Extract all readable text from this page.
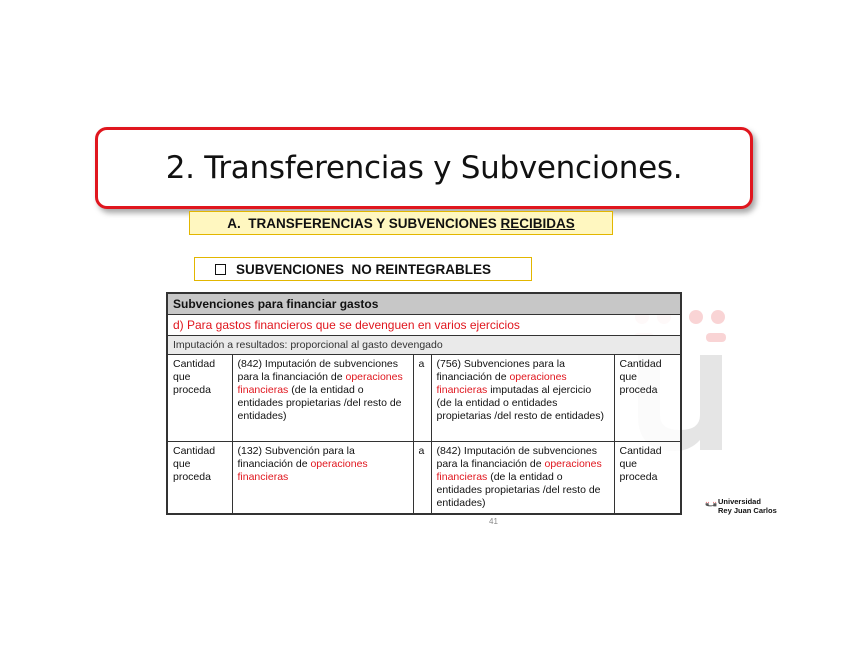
2. Transferencias y Subvenciones.
A.  TRANSFERENCIAS Y SUBVENCIONES RECIBIDAS
SUBVENCIONES  NO REINTEGRABLES
Subvenciones para financiar gastos
d) Para gastos financieros que se devenguen en varios ejercicios
Imputación a resultados: proporcional al gasto devengado
Cantidad que proceda	(842) Imputación de subvenciones para la financiación de operaciones financieras (de la entidad o entidades propietarias /del resto de entidades)	a	(756) Subvenciones para la financiación de operaciones financieras imputadas al ejercicio (de la entidad o entidades propietarias /del resto de entidades)	Cantidad que proceda
Cantidad que proceda	(132) Subvención para la financiación de operaciones financieras	a	(842) Imputación de subvenciones para la financiación de operaciones financieras (de la entidad o entidades propietarias /del resto de entidades)	Cantidad que proceda
41
Universidad
Rey Juan Carlos
